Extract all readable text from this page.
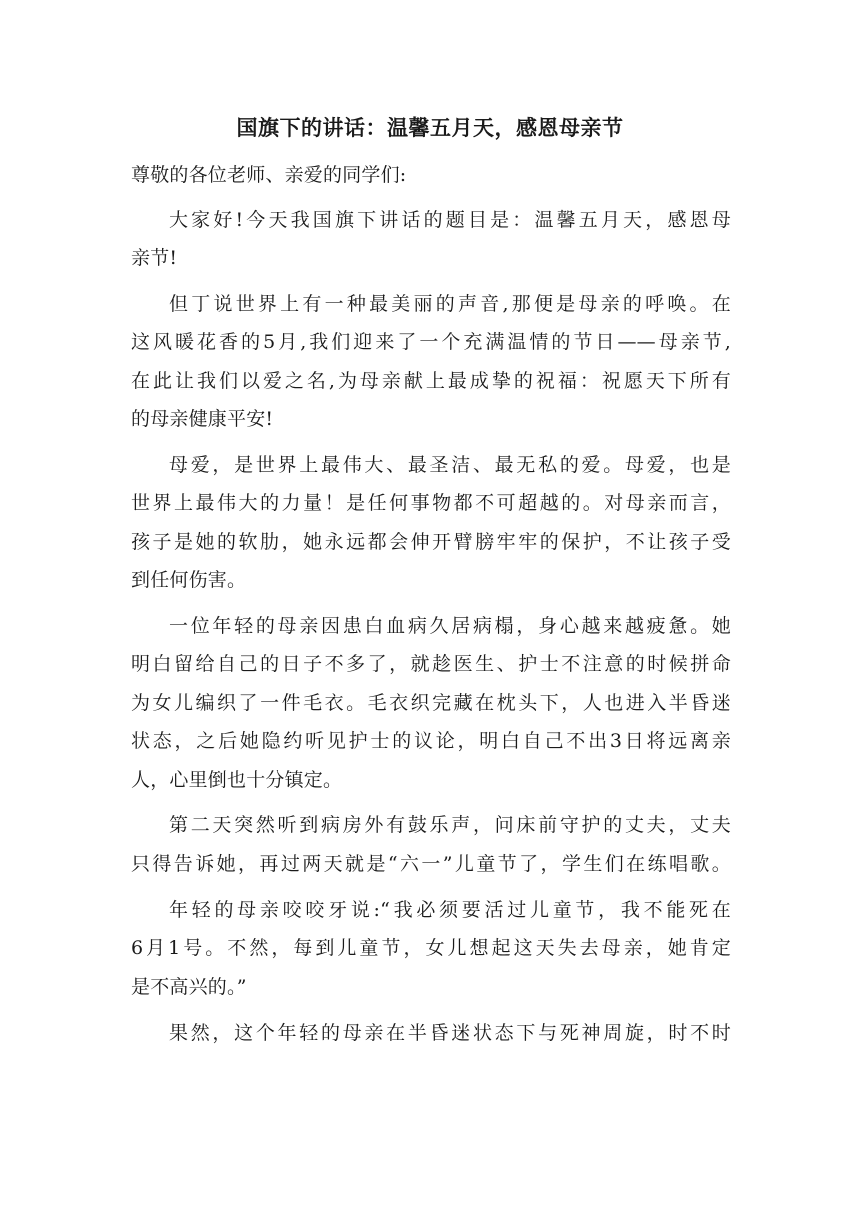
国旗下的讲话：温馨五月天，感恩母亲节
尊敬的各位老师、亲爱的同学们:
大家好!今天我国旗下讲话的题目是：温馨五月天，感恩母
亲节!
但丁说世界上有一种最美丽的声音,那便是母亲的呼唤。在
这风暖花香的5月,我们迎来了一个充满温情的节日——母亲节,
在此让我们以爱之名,为母亲献上最成挚的祝福：祝愿天下所有
的母亲健康平安!
母爱，是世界上最伟大、最圣洁、最无私的爱。母爱，也是
世界上最伟大的力量！是任何事物都不可超越的。对母亲而言，
孩子是她的软肋，她永远都会伸开臂膀牢牢的保护，不让孩子受
到任何伤害。
一位年轻的母亲因患白血病久居病榻，身心越来越疲惫。她
明白留给自己的日子不多了，就趁医生、护士不注意的时候拼命
为女儿编织了一件毛衣。毛衣织完藏在枕头下，人也进入半昏迷
状态，之后她隐约听见护士的议论，明白自己不出3日将远离亲
人，心里倒也十分镇定。
第二天突然听到病房外有鼓乐声，问床前守护的丈夫，丈夫
只得告诉她，再过两天就是“六一”儿童节了，学生们在练唱歌。
年轻的母亲咬咬牙说:“我必须要活过儿童节，我不能死在
6月1号。不然，每到儿童节，女儿想起这天失去母亲，她肯定
是不高兴的。”
果然，这个年轻的母亲在半昏迷状态下与死神周旋，时不时
